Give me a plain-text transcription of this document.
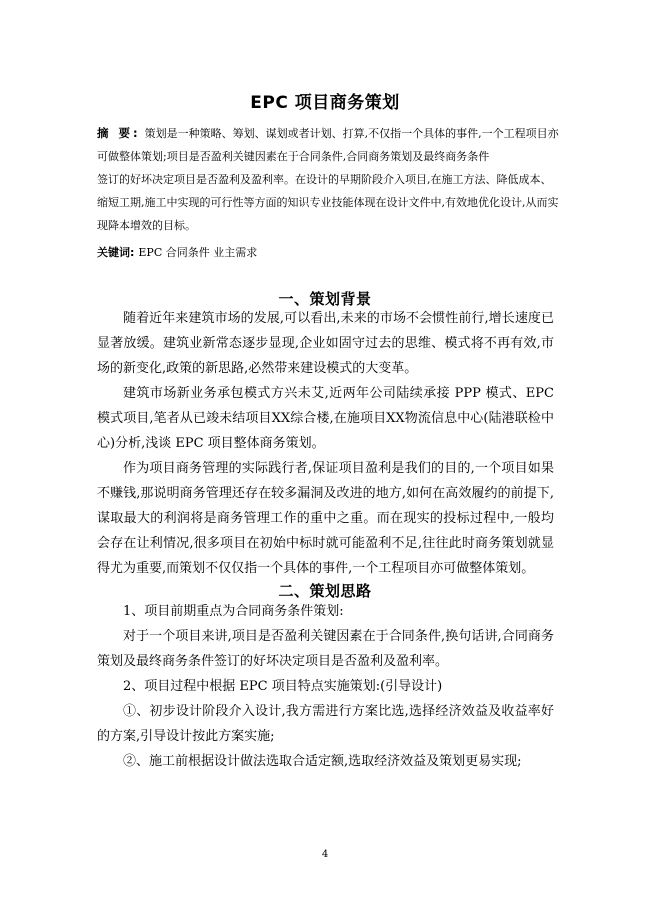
EPC 项目商务策划

摘 要: 策划是一种策略、筹划、谋划或者计划、打算,不仅指一个具体的事件,一个工程项目亦可做整体策划;项目是否盈利关键因素在于合同条件,合同商务策划及最终商务条件

签订的好坏决定项目是否盈利及盈利率。在设计的早期阶段介入项目,在施工方法、降低成本、缩短工期,施工中实现的可行性等方面的知识专业技能体现在设计文件中,有效地优化设计,从而实现降本增效的目标。

关键词: EPC 合同条件 业主需求
一、策划背景

随着近年来建筑市场的发展,可以看出,未来的市场不会惯性前行,增长速度已显著放缓。建筑业新常态逐步显现,企业如固守过去的思维、模式将不再有效,市场的新变化,政策的新思路,必然带来建设模式的大变革。

建筑市场新业务承包模式方兴未艾,近两年公司陆续承接 PPP 模式、EPC 模式项目,笔者从已竣未结项目XX综合楼,在施项目XX物流信息中心(陆港联检中心)分析,浅谈 EPC 项目整体商务策划。

作为项目商务管理的实际践行者,保证项目盈利是我们的目的,一个项目如果不赚钱,那说明商务管理还存在较多漏洞及改进的地方,如何在高效履约的前提下,谋取最大的利润将是商务管理工作的重中之重。而在现实的投标过程中,一般均会存在让利情况,很多项目在初始中标时就可能盈利不足,往往此时商务策划就显得尤为重要,而策划不仅仅指一个具体的事件,一个工程项目亦可做整体策划。

二、策划思路

1、项目前期重点为合同商务条件策划:

对于一个项目来讲,项目是否盈利关键因素在于合同条件,换句话讲,合同商务策划及最终商务条件签订的好坏决定项目是否盈利及盈利率。

2、项目过程中根据 EPC 项目特点实施策划:(引导设计)

①、初步设计阶段介入设计,我方需进行方案比选,选择经济效益及收益率好的方案,引导设计按此方案实施;

②、施工前根据设计做法选取合适定额,选取经济效益及策划更易实现;

4
